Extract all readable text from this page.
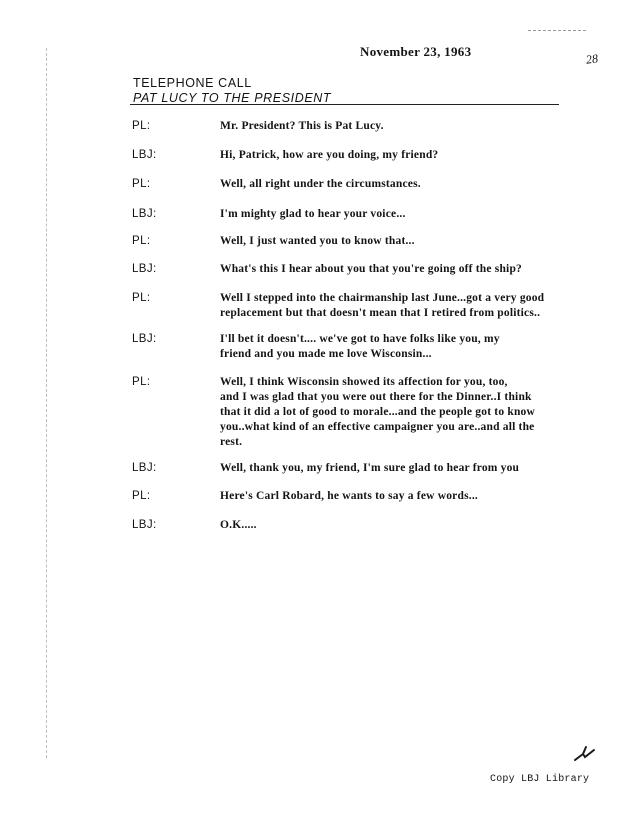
November 23, 1963	28
TELEPHONE CALL
PAT LUCY TO THE PRESIDENT
PL:	Mr. President? This is Pat Lucy.
LBJ:	Hi, Patrick, how are you doing, my friend?
PL:	Well, all right under the circumstances.
LBJ:	I'm mighty glad to hear your voice...
PL:	Well, I just wanted you to know that...
LBJ:	What's this I hear about you that you're going off the ship?
PL:	Well I stepped into the chairmanship last June...got a very good
replacement but that doesn't mean that I retired from politics..
LBJ:	I'll bet it doesn't.... we've got to have folks like you, my
friend and you made me love Wisconsin...
PL:	Well, I think Wisconsin showed its affection for you, too,
and I was glad that you were out there for the Dinner..I think
that it did a lot of good to morale...and the people got to know
you..what kind of an effective campaigner you are..and all the
rest.
LBJ:	Well, thank you, my friend, I'm sure glad to hear from you
PL:	Here's Carl Robard, he wants to say a few words...
LBJ:	O.K.....
Copy LBJ Library
